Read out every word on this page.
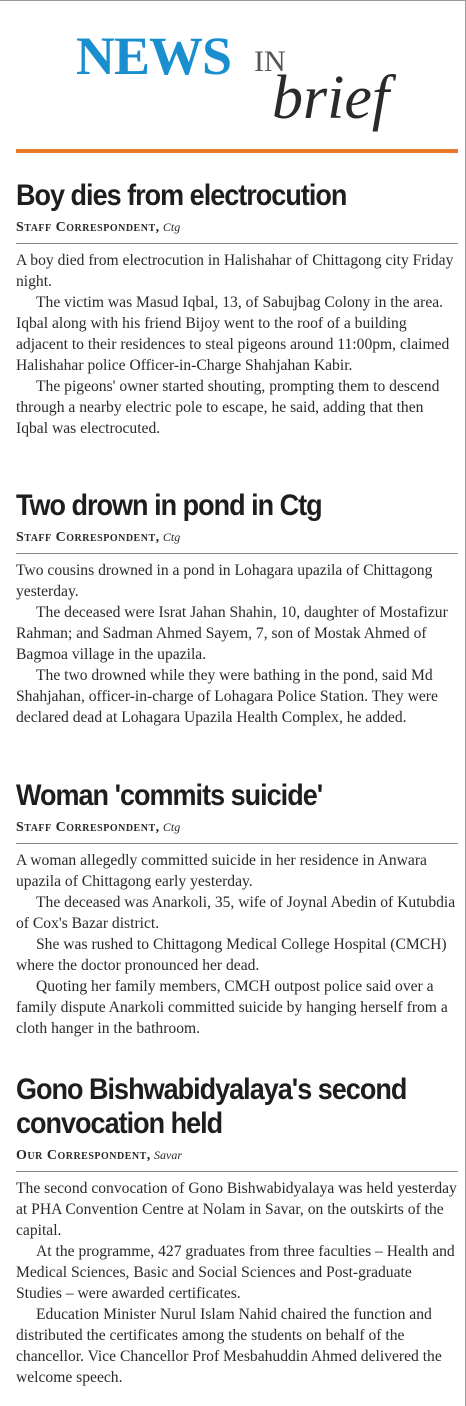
NEWS IN
brief
Boy dies from electrocution
Staff Correspondent, Ctg

A boy died from electrocution in Halishahar of Chittagong city Friday night.

The victim was Masud Iqbal, 13, of Sabujbag Colony in the area. Iqbal along with his friend Bijoy went to the roof of a building adjacent to their residences to steal pigeons around 11:00pm, claimed Halishahar police Officer-in-Charge Shahjahan Kabir.

The pigeons' owner started shouting, prompting them to descend through a nearby electric pole to escape, he said, adding that then Iqbal was electrocuted.

Two drown in pond in Ctg
Staff Correspondent, Ctg

Two cousins drowned in a pond in Lohagara upazila of Chittagong yesterday.

The deceased were Israt Jahan Shahin, 10, daughter of Mostafizur Rahman; and Sadman Ahmed Sayem, 7, son of Mostak Ahmed of Bagmoa village in the upazila.

The two drowned while they were bathing in the pond, said Md Shahjahan, officer-in-charge of Lohagara Police Station. They were declared dead at Lohagara Upazila Health Complex, he added.

Woman 'commits suicide'
Staff Correspondent, Ctg

A woman allegedly committed suicide in her residence in Anwara upazila of Chittagong early yesterday.

The deceased was Anarkoli, 35, wife of Joynal Abedin of Kutubdia of Cox's Bazar district.

She was rushed to Chittagong Medical College Hospital (CMCH) where the doctor pronounced her dead.

Quoting her family members, CMCH outpost police said over a family dispute Anarkoli committed suicide by hanging herself from a cloth hanger in the bathroom.

Gono Bishwabidyalaya's second
convocation held
Our Correspondent, Savar

The second convocation of Gono Bishwabidyalaya was held yesterday at PHA Convention Centre at Nolam in Savar, on the outskirts of the capital.

At the programme, 427 graduates from three faculties – Health and Medical Sciences, Basic and Social Sciences and Post-graduate Studies – were awarded certificates.

Education Minister Nurul Islam Nahid chaired the function and distributed the certificates among the students on behalf of the chancellor. Vice Chancellor Prof Mesbahuddin Ahmed delivered the welcome speech.
